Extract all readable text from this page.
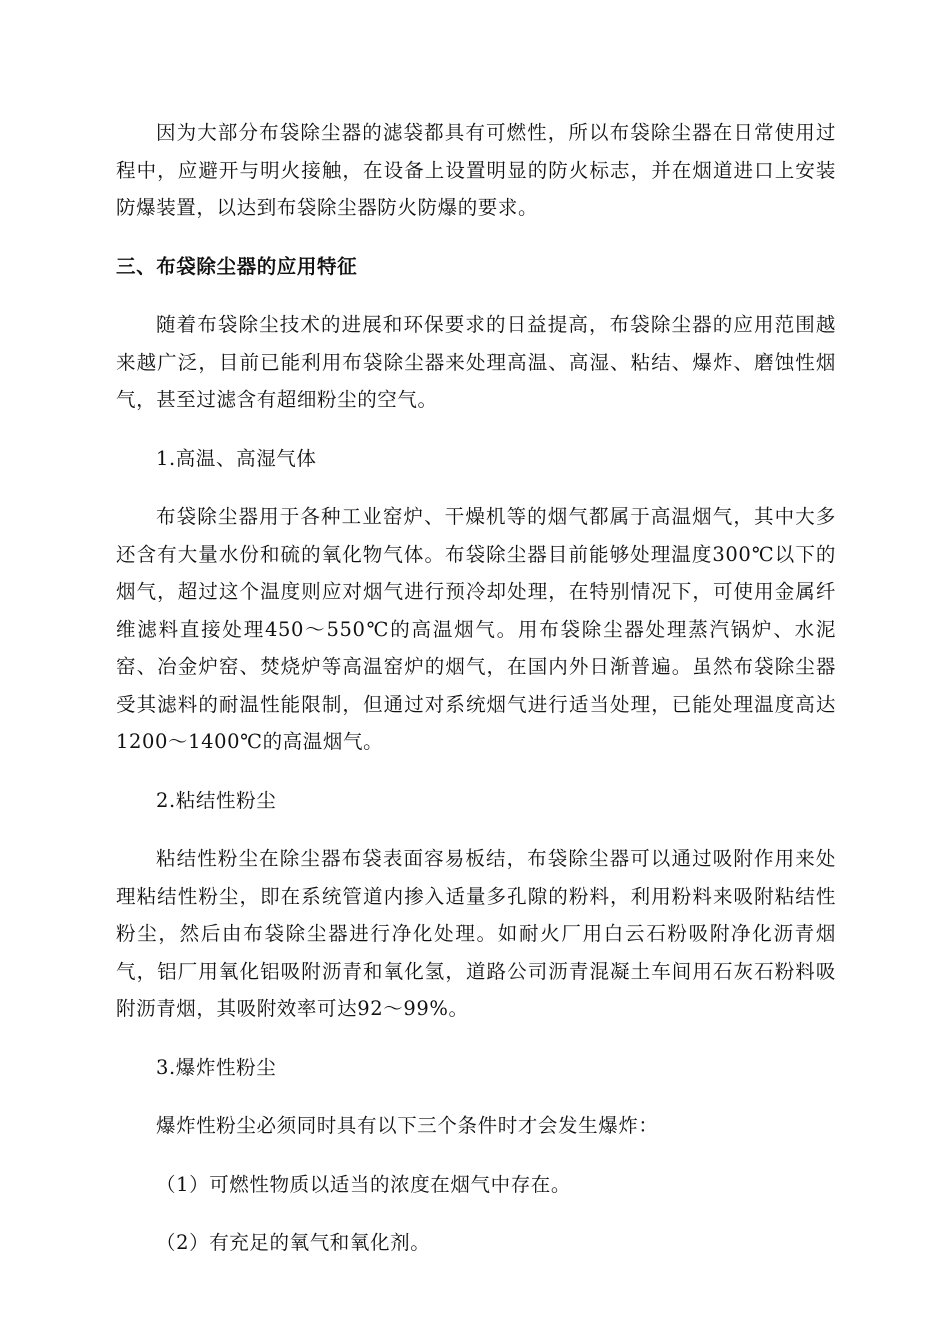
因为大部分布袋除尘器的滤袋都具有可燃性，所以布袋除尘器在日常使用过程中，应避开与明火接触，在设备上设置明显的防火标志，并在烟道进口上安装防爆装置，以达到布袋除尘器防火防爆的要求。

三、布袋除尘器的应用特征

随着布袋除尘技术的进展和环保要求的日益提高，布袋除尘器的应用范围越来越广泛，目前已能利用布袋除尘器来处理高温、高湿、粘结、爆炸、磨蚀性烟气，甚至过滤含有超细粉尘的空气。

1.高温、高湿气体

布袋除尘器用于各种工业窑炉、干燥机等的烟气都属于高温烟气，其中大多还含有大量水份和硫的氧化物气体。布袋除尘器目前能够处理温度300℃以下的烟气，超过这个温度则应对烟气进行预冷却处理，在特别情况下，可使用金属纤维滤料直接处理450～550℃的高温烟气。用布袋除尘器处理蒸汽锅炉、水泥窑、冶金炉窑、焚烧炉等高温窑炉的烟气，在国内外日渐普遍。虽然布袋除尘器受其滤料的耐温性能限制，但通过对系统烟气进行适当处理，已能处理温度高达1200～1400℃的高温烟气。

2.粘结性粉尘

粘结性粉尘在除尘器布袋表面容易板结，布袋除尘器可以通过吸附作用来处理粘结性粉尘，即在系统管道内掺入适量多孔隙的粉料，利用粉料来吸附粘结性粉尘，然后由布袋除尘器进行净化处理。如耐火厂用白云石粉吸附净化沥青烟气，铝厂用氧化铝吸附沥青和氧化氢，道路公司沥青混凝土车间用石灰石粉料吸附沥青烟，其吸附效率可达92～99%。

3.爆炸性粉尘

爆炸性粉尘必须同时具有以下三个条件时才会发生爆炸：

（1）可燃性物质以适当的浓度在烟气中存在。

（2）有充足的氧气和氧化剂。
